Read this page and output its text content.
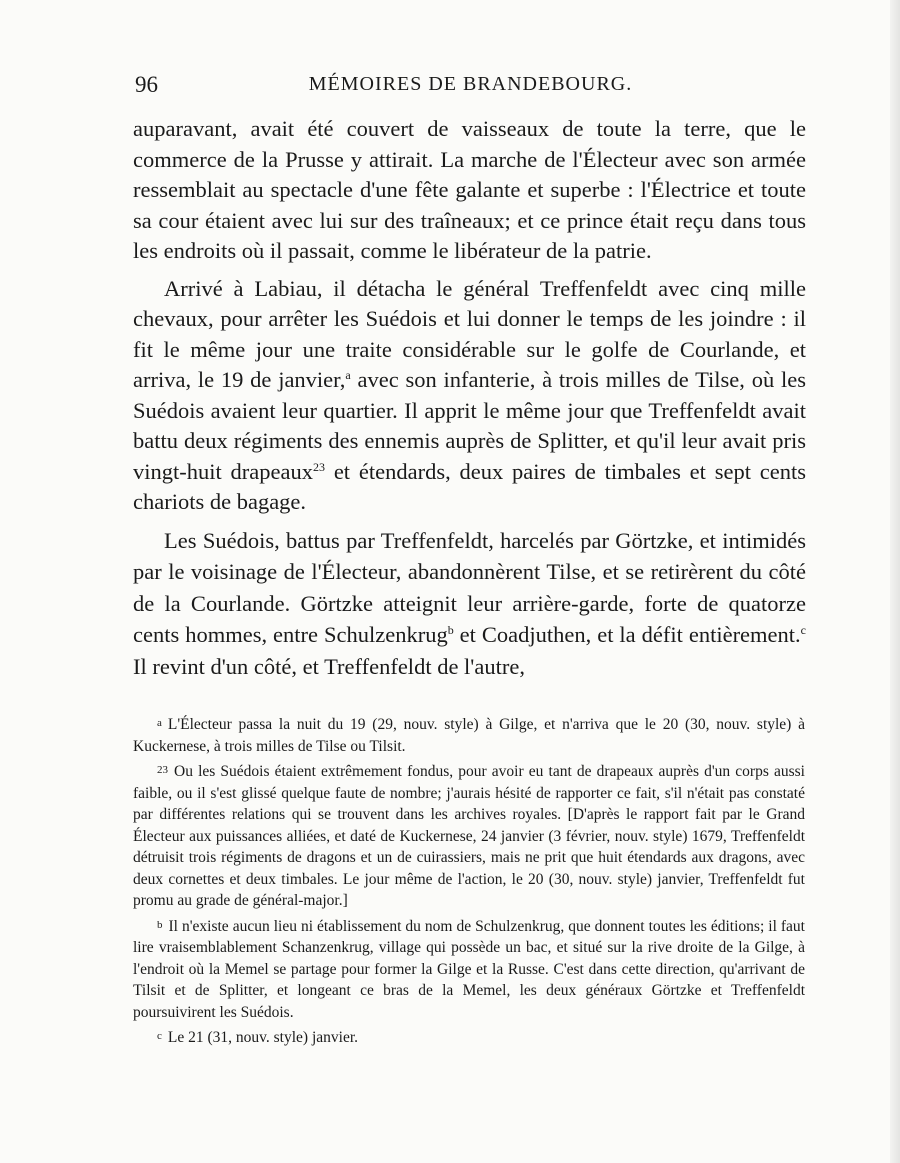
96	MÉMOIRES DE BRANDEBOURG.

auparavant, avait été couvert de vaisseaux de toute la terre, que le commerce de la Prusse y attirait. La marche de l'Électeur avec son armée ressemblait au spectacle d'une fête galante et superbe : l'Électrice et toute sa cour étaient avec lui sur des traîneaux; et ce prince était reçu dans tous les endroits où il passait, comme le libérateur de la patrie.

Arrivé à Labiau, il détacha le général Treffenfeldt avec cinq mille chevaux, pour arrêter les Suédois et lui donner le temps de les joindre : il fit le même jour une traite considérable sur le golfe de Courlande, et arriva, le 19 de janvier,$^a$ avec son infanterie, à trois milles de Tilse, où les Suédois avaient leur quartier. Il apprit le même jour que Treffenfeldt avait battu deux régiments des ennemis auprès de Splitter, et qu'il leur avait pris vingt-huit drapeaux$^{23}$ et étendards, deux paires de timbales et sept cents chariots de bagage.

Les Suédois, battus par Treffenfeldt, harcelés par Görtzke, et intimidés par le voisinage de l'Électeur, abandonnèrent Tilse, et se retirèrent du côté de la Courlande. Görtzke atteignit leur arrière-garde, forte de quatorze cents hommes, entre Schulzenkrug$^b$ et Coadjuthen, et la défit entièrement.$^c$ Il revint d'un côté, et Treffenfeldt de l'autre,

a L'Électeur passa la nuit du 19 (29, nouv. style) à Gilge, et n'arriva que le 20 (30, nouv. style) à Kuckernese, à trois milles de Tilse ou Tilsit.

23 Ou les Suédois étaient extrêmement fondus, pour avoir eu tant de drapeaux auprès d'un corps aussi faible, ou il s'est glissé quelque faute de nombre; j'aurais hésité de rapporter ce fait, s'il n'était pas constaté par différentes relations qui se trouvent dans les archives royales. [D'après le rapport fait par le Grand Électeur aux puissances alliées, et daté de Kuckernese, 24 janvier (3 février, nouv. style) 1679, Treffenfeldt détruisit trois régiments de dragons et un de cuirassiers, mais ne prit que huit étendards aux dragons, avec deux cornettes et deux timbales. Le jour même de l'action, le 20 (30, nouv. style) janvier, Treffenfeldt fut promu au grade de général-major.]

b Il n'existe aucun lieu ni établissement du nom de Schulzenkrug, que donnent toutes les éditions; il faut lire vraisemblablement Schanzenkrug, village qui possède un bac, et situé sur la rive droite de la Gilge, à l'endroit où la Memel se partage pour former la Gilge et la Russe. C'est dans cette direction, qu'arrivant de Tilsit et de Splitter, et longeant ce bras de la Memel, les deux généraux Görtzke et Treffenfeldt poursuivirent les Suédois.

c Le 21 (31, nouv. style) janvier.
